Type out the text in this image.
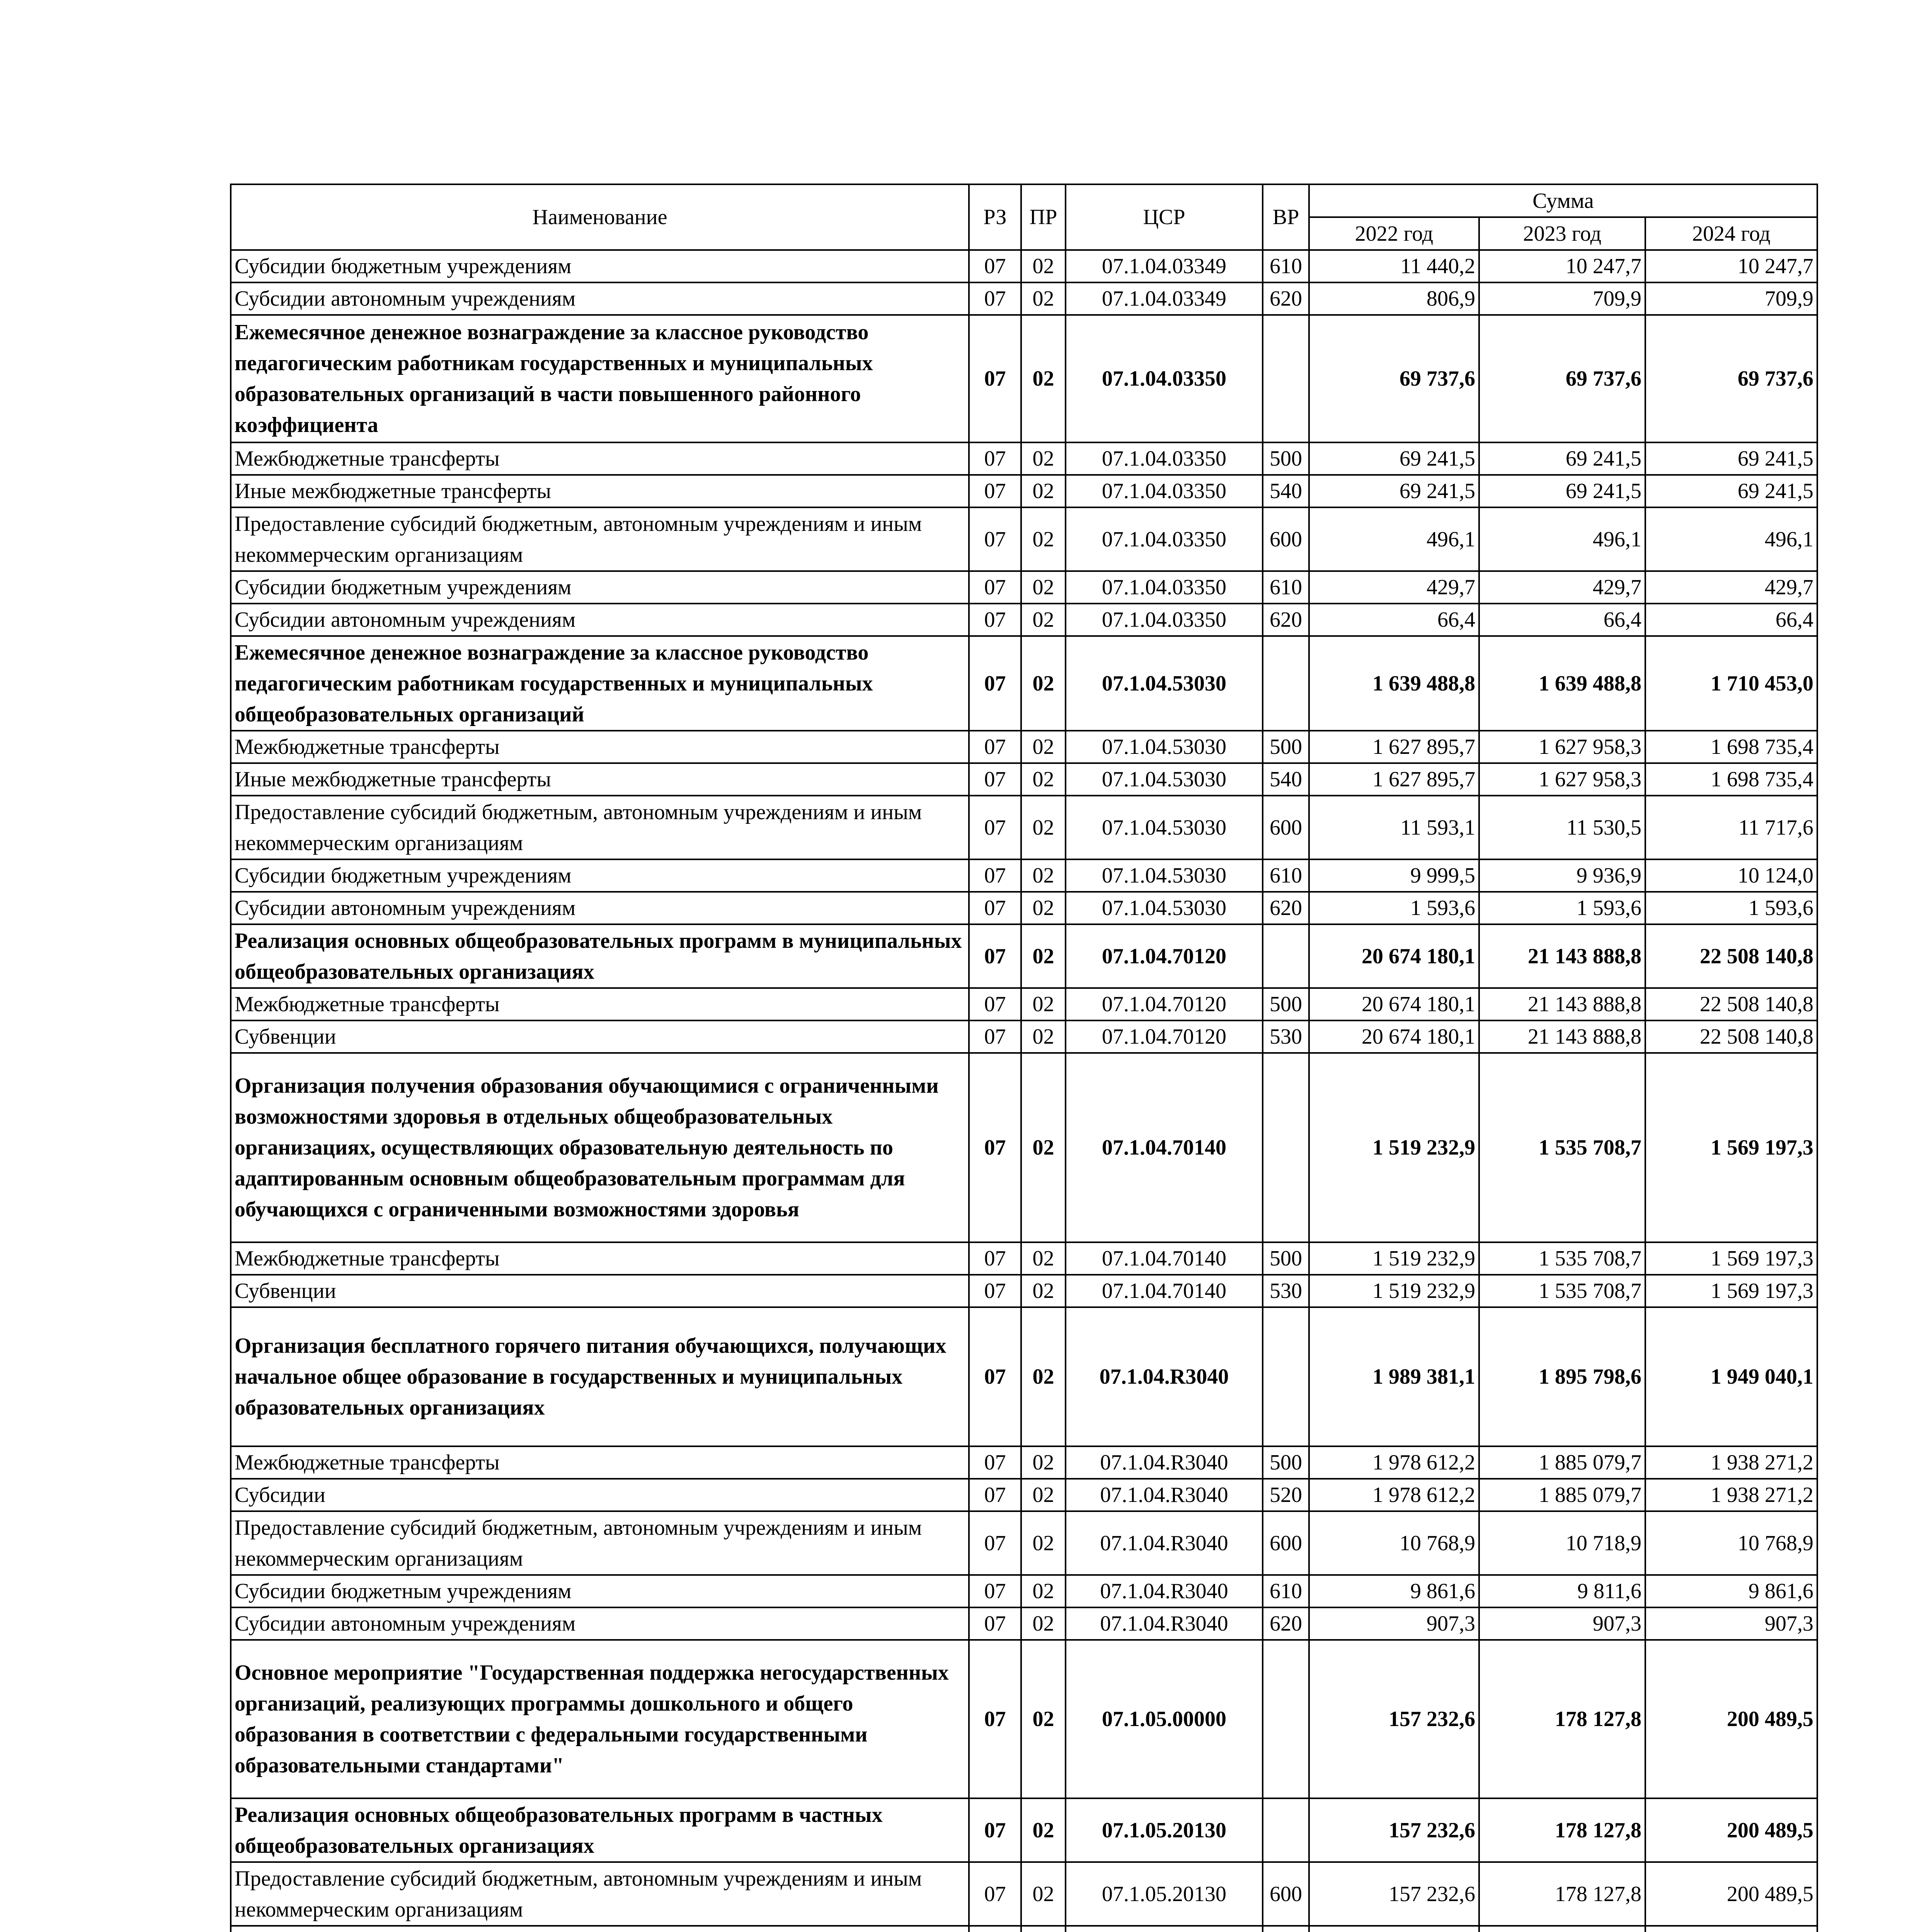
Наименование	РЗ	ПР	ЦСР	ВР	Сумма		
					2022 год	2023 год	2024 год
Субсидии бюджетным учреждениям	07	02	07.1.04.03349	610	11 440,2	10 247,7	10 247,7
Субсидии автономным учреждениям	07	02	07.1.04.03349	620	806,9	709,9	709,9
Ежемесячное денежное вознаграждение за классное руководство педагогическим работникам государственных и муниципальных образовательных организаций в части повышенного районного коэффициента	07	02	07.1.04.03350		69 737,6	69 737,6	69 737,6
Межбюджетные трансферты	07	02	07.1.04.03350	500	69 241,5	69 241,5	69 241,5
Иные межбюджетные трансферты	07	02	07.1.04.03350	540	69 241,5	69 241,5	69 241,5
Предоставление субсидий бюджетным, автономным учреждениям и иным некоммерческим организациям	07	02	07.1.04.03350	600	496,1	496,1	496,1
Субсидии бюджетным учреждениям	07	02	07.1.04.03350	610	429,7	429,7	429,7
Субсидии автономным учреждениям	07	02	07.1.04.03350	620	66,4	66,4	66,4
Ежемесячное денежное вознаграждение за классное руководство педагогическим работникам государственных и муниципальных общеобразовательных организаций	07	02	07.1.04.53030		1 639 488,8	1 639 488,8	1 710 453,0
Межбюджетные трансферты	07	02	07.1.04.53030	500	1 627 895,7	1 627 958,3	1 698 735,4
Иные межбюджетные трансферты	07	02	07.1.04.53030	540	1 627 895,7	1 627 958,3	1 698 735,4
Предоставление субсидий бюджетным, автономным учреждениям и иным некоммерческим организациям	07	02	07.1.04.53030	600	11 593,1	11 530,5	11 717,6
Субсидии бюджетным учреждениям	07	02	07.1.04.53030	610	9 999,5	9 936,9	10 124,0
Субсидии автономным учреждениям	07	02	07.1.04.53030	620	1 593,6	1 593,6	1 593,6
Реализация основных общеобразовательных программ в муниципальных общеобразовательных организациях	07	02	07.1.04.70120		20 674 180,1	21 143 888,8	22 508 140,8
Межбюджетные трансферты	07	02	07.1.04.70120	500	20 674 180,1	21 143 888,8	22 508 140,8
Субвенции	07	02	07.1.04.70120	530	20 674 180,1	21 143 888,8	22 508 140,8
Организация получения образования обучающимися с ограниченными возможностями здоровья в отдельных общеобразовательных организациях, осуществляющих образовательную деятельность по адаптированным основным общеобразовательным программам для обучающихся с ограниченными возможностями здоровья	07	02	07.1.04.70140		1 519 232,9	1 535 708,7	1 569 197,3
Межбюджетные трансферты	07	02	07.1.04.70140	500	1 519 232,9	1 535 708,7	1 569 197,3
Субвенции	07	02	07.1.04.70140	530	1 519 232,9	1 535 708,7	1 569 197,3
Организация бесплатного горячего питания обучающихся, получающих начальное общее образование в государственных и муниципальных образовательных организациях	07	02	07.1.04.R3040		1 989 381,1	1 895 798,6	1 949 040,1
Межбюджетные трансферты	07	02	07.1.04.R3040	500	1 978 612,2	1 885 079,7	1 938 271,2
Субсидии	07	02	07.1.04.R3040	520	1 978 612,2	1 885 079,7	1 938 271,2
Предоставление субсидий бюджетным, автономным учреждениям и иным некоммерческим организациям	07	02	07.1.04.R3040	600	10 768,9	10 718,9	10 768,9
Субсидии бюджетным учреждениям	07	02	07.1.04.R3040	610	9 861,6	9 811,6	9 861,6
Субсидии автономным учреждениям	07	02	07.1.04.R3040	620	907,3	907,3	907,3
Основное мероприятие "Государственная поддержка негосударственных организаций, реализующих программы дошкольного и общего образования в соответствии с федеральными государственными образовательными стандартами"	07	02	07.1.05.00000		157 232,6	178 127,8	200 489,5
Реализация основных общеобразовательных программ в частных общеобразовательных организациях	07	02	07.1.05.20130		157 232,6	178 127,8	200 489,5
Предоставление субсидий бюджетным, автономным учреждениям и иным некоммерческим организациям	07	02	07.1.05.20130	600	157 232,6	178 127,8	200 489,5
